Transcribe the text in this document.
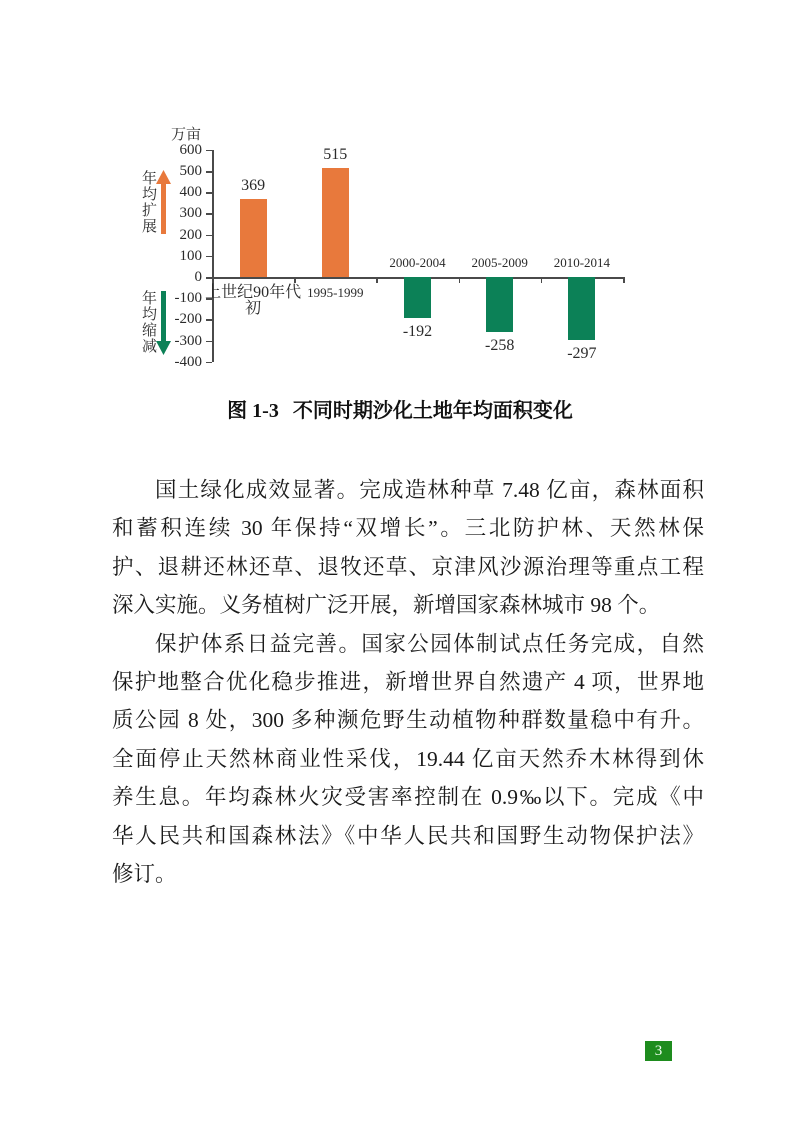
万亩
年均扩展
年均缩减
600
500
400
300
200
100
0
-100
-200
-300
-400
369
上世纪90年代初
515
1995-1999
-192
2000-2004
-258
2005-2009
-297
2010-2014
图 1-3 不同时期沙化土地年均面积变化
国土绿化成效显著。完成造林种草 7.48 亿亩，森林面积
和蓄积连续 30 年保持“双增长”。三北防护林、天然林保
护、退耕还林还草、退牧还草、京津风沙源治理等重点工程
深入实施。义务植树广泛开展，新增国家森林城市 98 个。
保护体系日益完善。国家公园体制试点任务完成，自然
保护地整合优化稳步推进，新增世界自然遗产 4 项，世界地
质公园 8 处，300 多种濒危野生动植物种群数量稳中有升。
全面停止天然林商业性采伐，19.44 亿亩天然乔木林得到休
养生息。年均森林火灾受害率控制在 0.9‰以下。完成《中
华人民共和国森林法》《中华人民共和国野生动物保护法》
修订。
3
